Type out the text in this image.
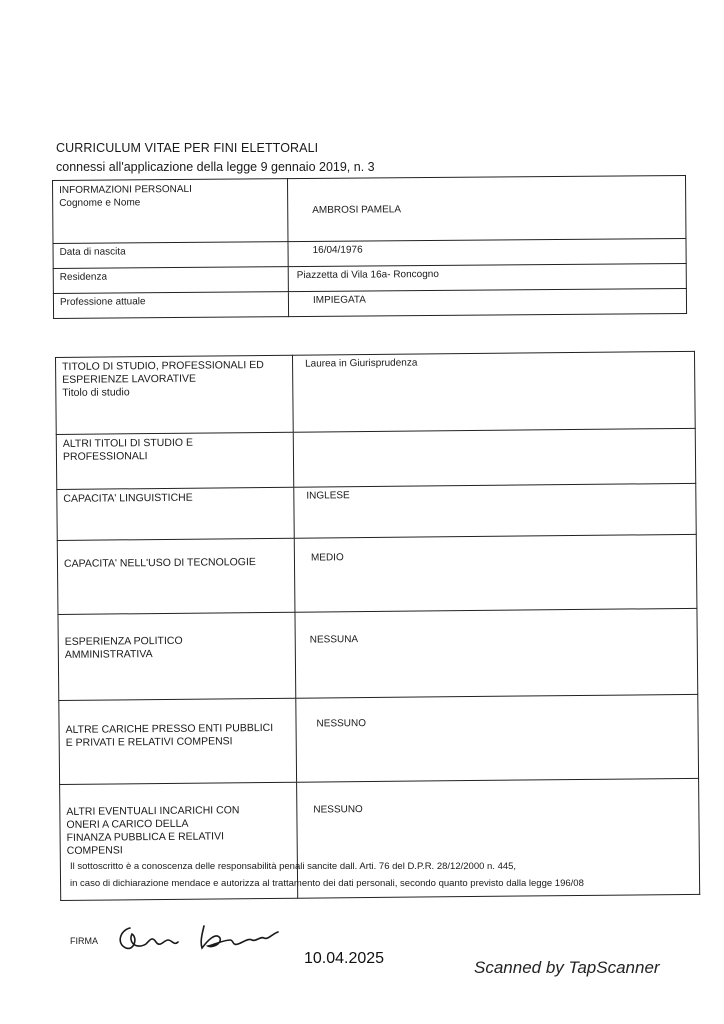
CURRICULUM VITAE PER FINI ELETTORALI
connessi all'applicazione della legge 9 gennaio 2019, n. 3
INFORMAZIONI PERSONALI
Cognome e Nome	AMBROSI PAMELA
Data di nascita	16/04/1976
Residenza	Piazzetta di Vila 16a- Roncogno
Professione attuale	IMPIEGATA
TITOLO DI STUDIO, PROFESSIONALI ED
ESPERIENZE LAVORATIVE
Titolo di studio	Laurea in Giurisprudenza

ALTRI TITOLI DI STUDIO E
PROFESSIONALI	

CAPACITA' LINGUISTICHE	INGLESE

CAPACITA' NELL'USO DI TECNOLOGIE	MEDIO

ESPERIENZA POLITICO
AMMINISTRATIVA	NESSUNA

ALTRE CARICHE PRESSO ENTI PUBBLICI
E PRIVATI E RELATIVI COMPENSI	NESSUNO

ALTRI EVENTUALI INCARICHI CON
ONERI A CARICO DELLA
FINANZA PUBBLICA E RELATIVI
COMPENSI	NESSUNO
Il sottoscritto è a conoscenza delle responsabilità penali sancite dall. Arti. 76 del D.P.R. 28/12/2000 n. 445,
in caso di dichiarazione mendace e autorizza al trattamento dei dati personali, secondo quanto previsto dalla legge 196/08
FIRMA
10.04.2025	Scanned by TapScanner
